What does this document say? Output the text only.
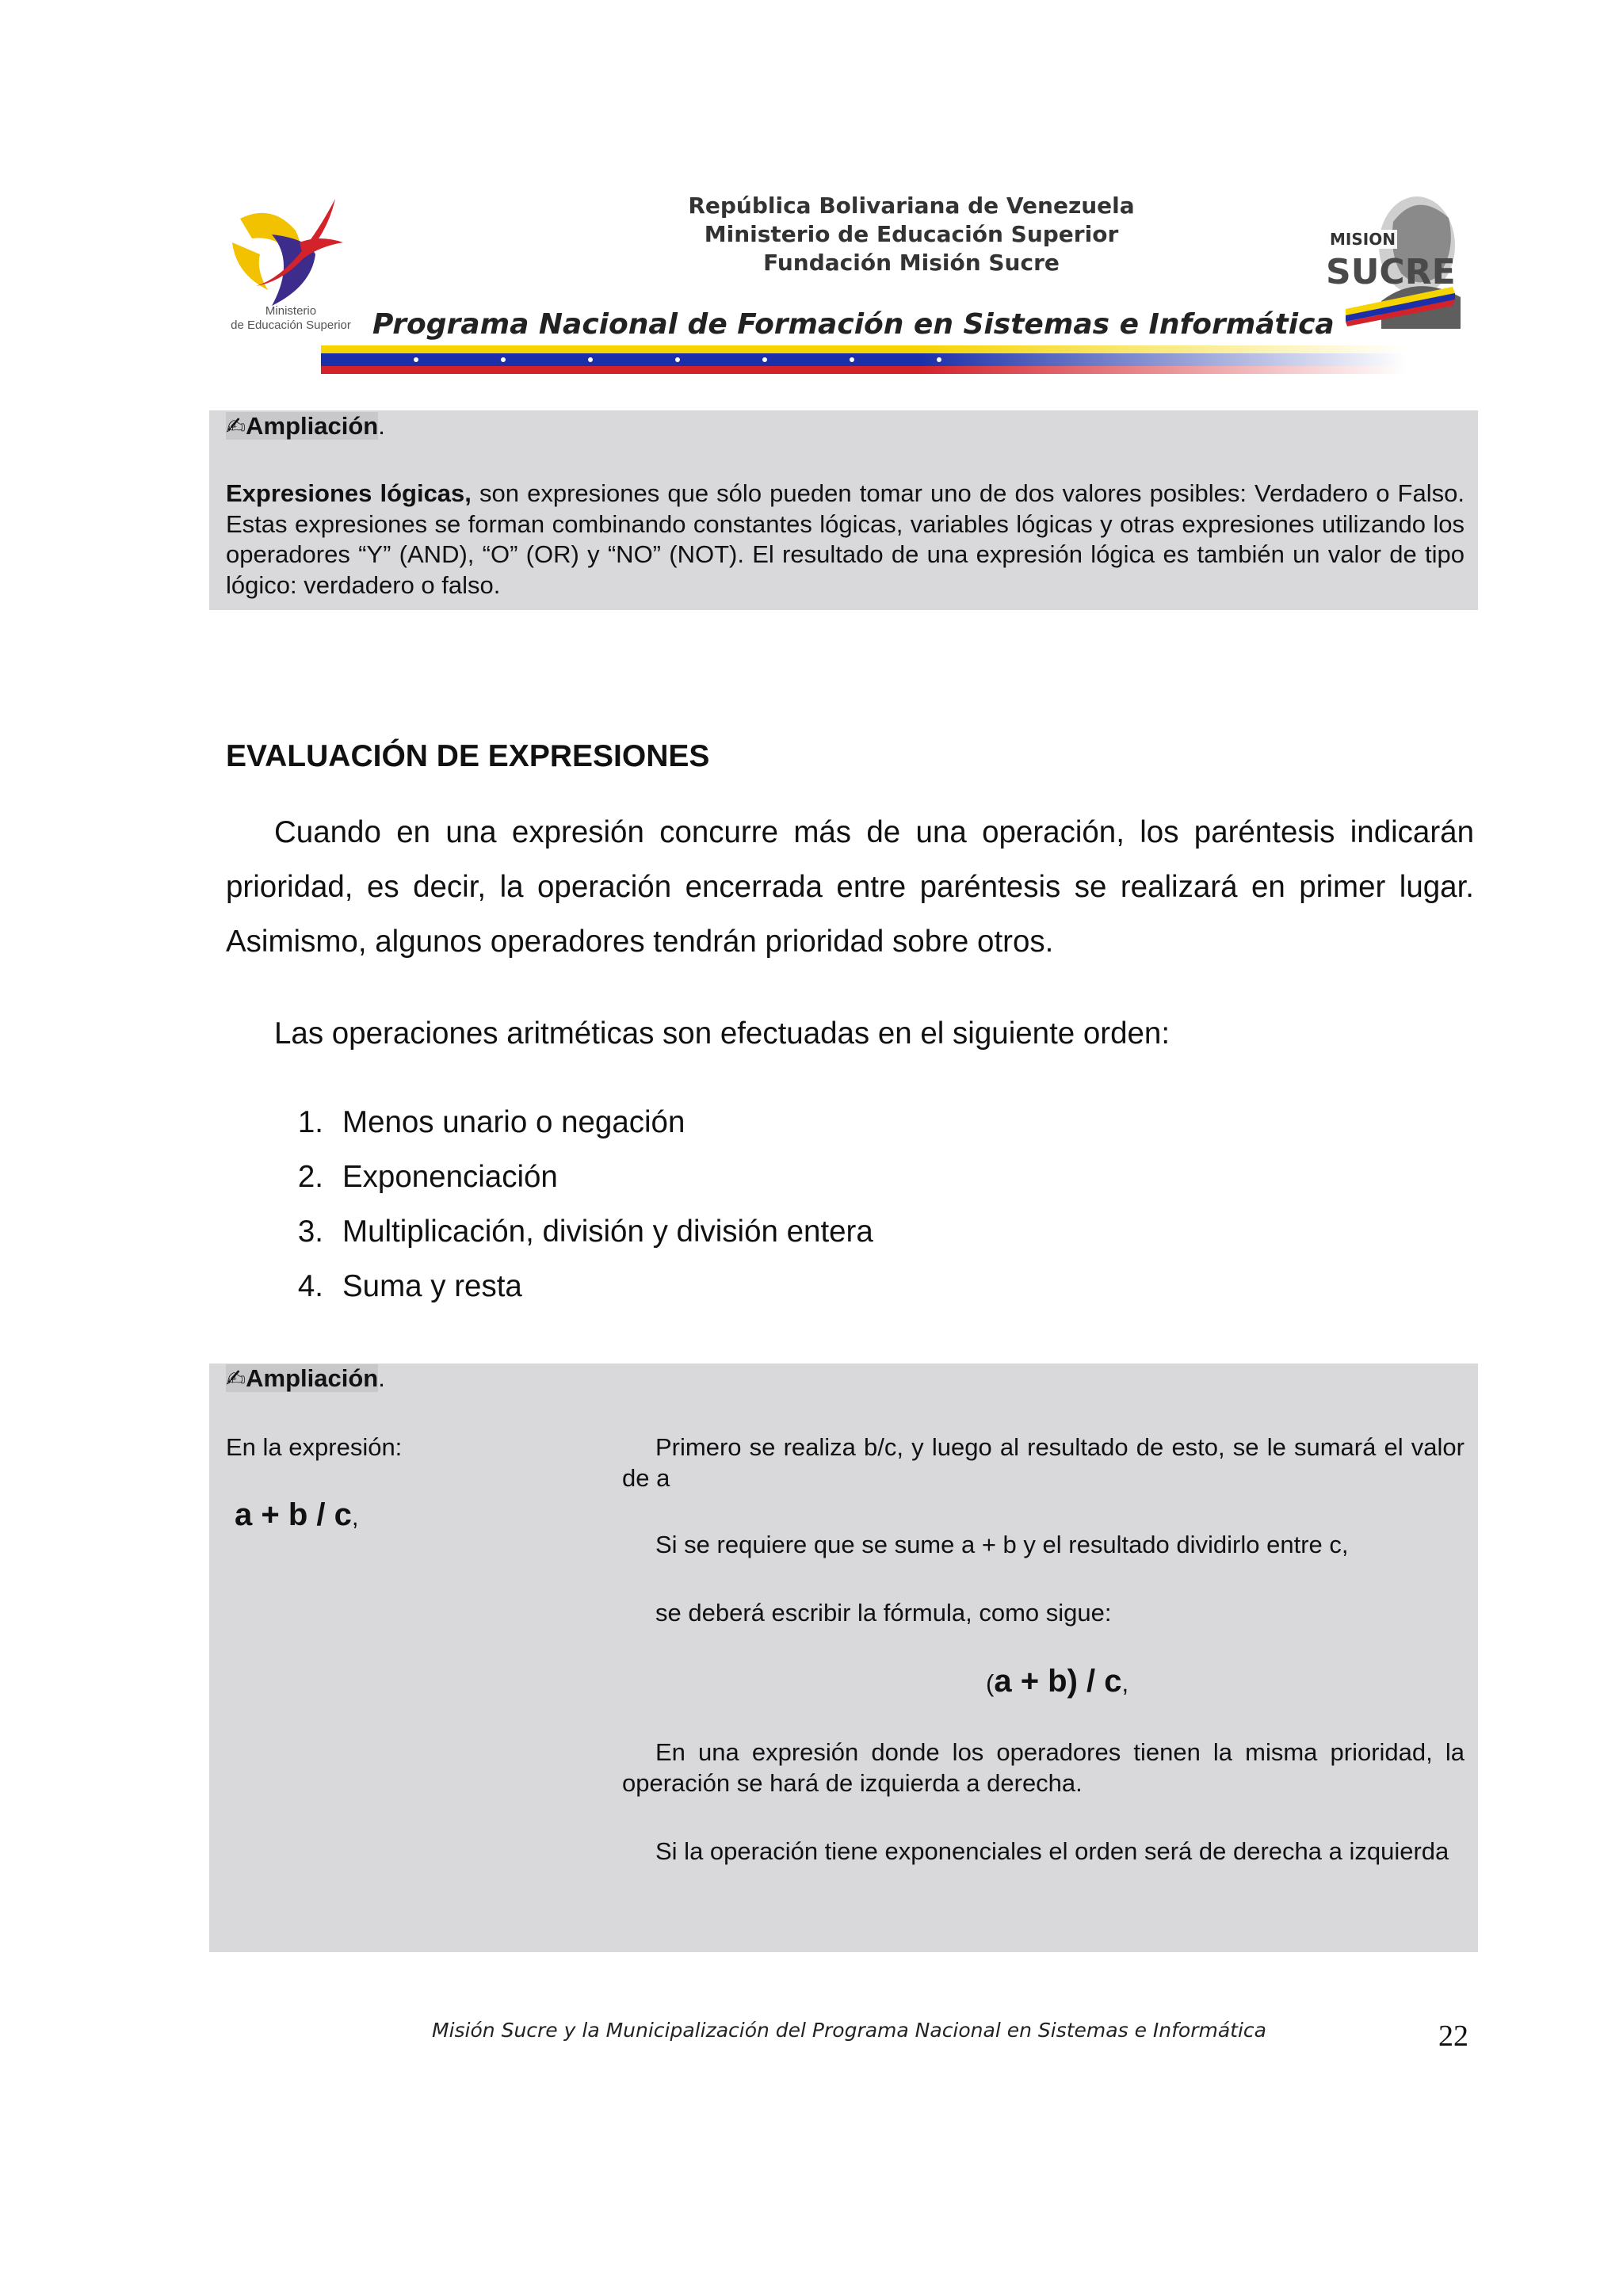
Ministerio
de Educación Superior
República Bolivariana de Venezuela
Ministerio de Educación Superior
Fundación Misión Sucre
Programa Nacional de Formación en Sistemas e Informática
MISION
SUCRE
✍Ampliación.
Expresiones lógicas, son expresiones que sólo pueden tomar uno de dos valores posibles: Verdadero o Falso. Estas expresiones se forman combinando constantes lógicas, variables lógicas y otras expresiones utilizando los operadores “Y” (AND), “O” (OR) y “NO” (NOT). El resultado de una expresión lógica es también un valor de tipo lógico: verdadero o falso.
EVALUACIÓN DE EXPRESIONES
Cuando en una expresión concurre más de una operación, los paréntesis indicarán prioridad, es decir, la operación encerrada entre paréntesis se realizará en primer lugar. Asimismo, algunos operadores tendrán prioridad sobre otros.
Las operaciones aritméticas son efectuadas en el siguiente orden:
1. Menos unario o negación
2. Exponenciación
3. Multiplicación, división y división entera
4. Suma y resta
✍Ampliación.
En la expresión:
a + b / c,
Primero se realiza b/c, y luego al resultado de esto, se le sumará el valor de a
Si se requiere que se sume a + b y el resultado dividirlo entre c,
se deberá escribir la fórmula, como sigue:
(a + b) / c,
En una expresión donde los operadores tienen la misma prioridad, la operación se hará de izquierda a derecha.
Si la operación tiene exponenciales el orden será de derecha a izquierda
Misión Sucre y la Municipalización del Programa Nacional en Sistemas e Informática	22
